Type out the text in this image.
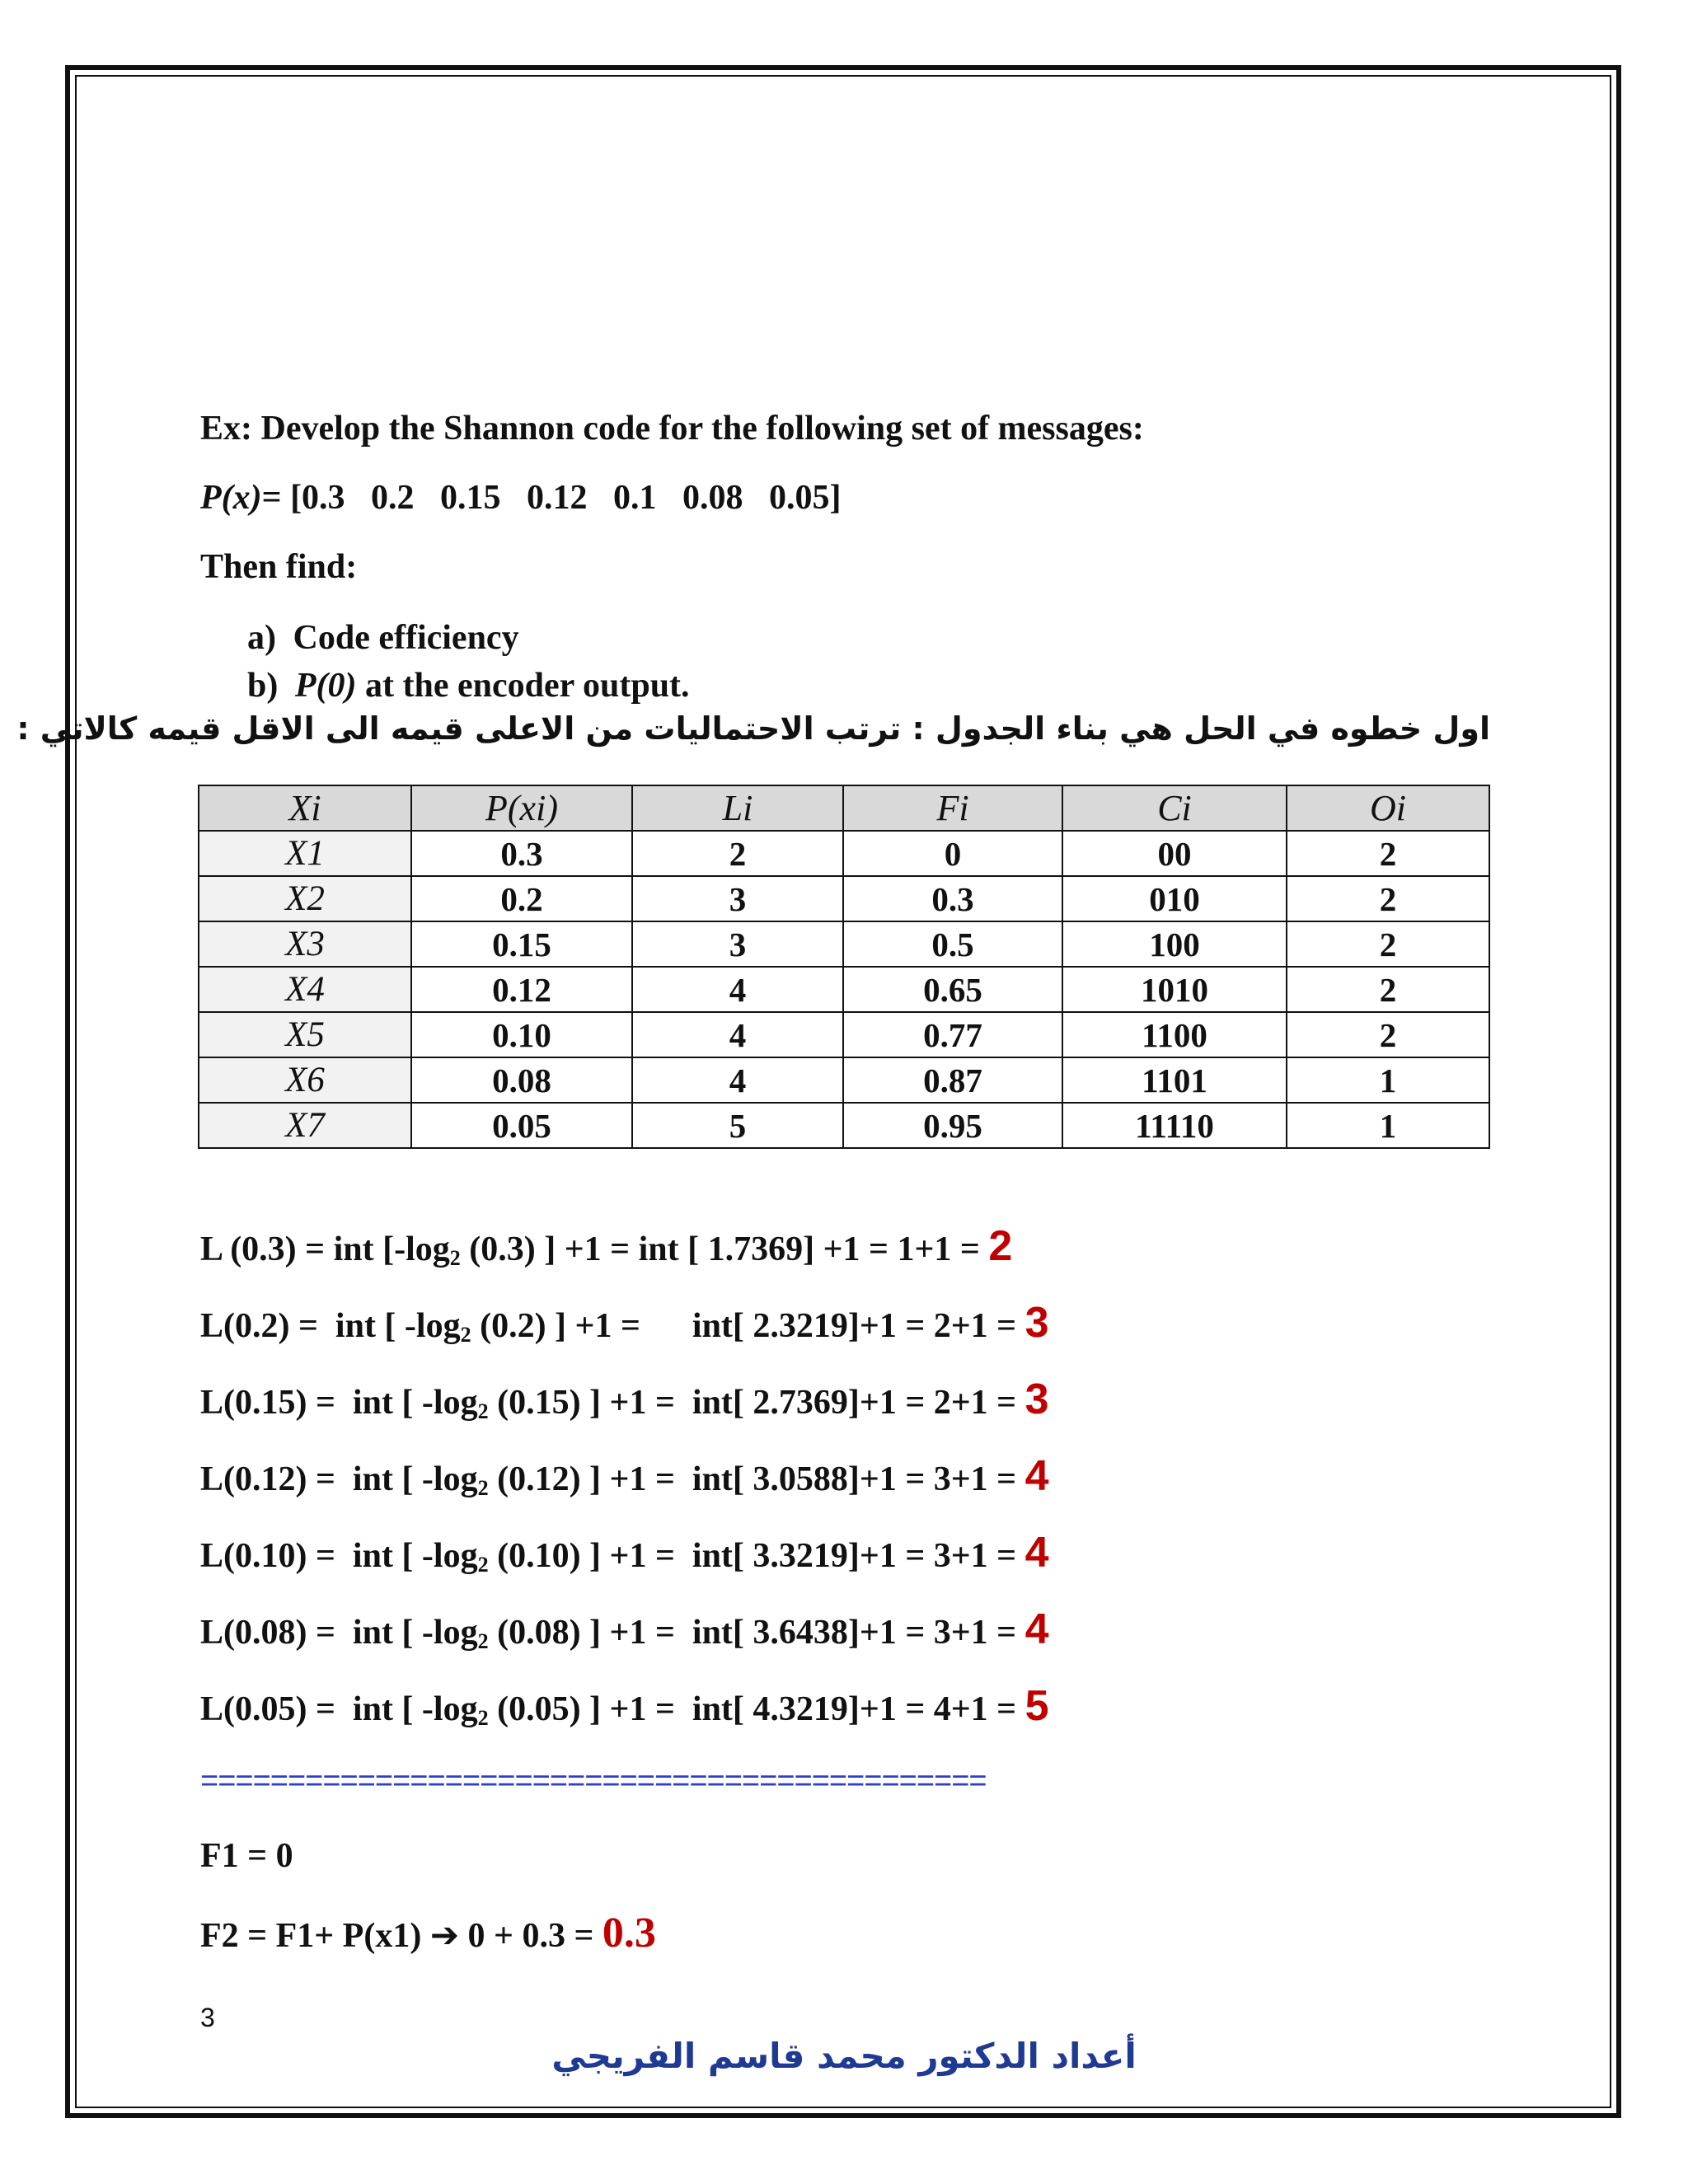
Ex: Develop the Shannon code for the following set of messages:
P(x)= [0.3   0.2   0.15   0.12   0.1   0.08   0.05]
Then find:
a) Code efficiency
b) P(0) at the encoder output.
اول خطوه في الحل هي بناء الجدول : ترتب الاحتماليات من الاعلى قيمه الى الاقل قيمه كالاتي :
Xi	P(xi)	Li	Fi	Ci	Oi
X1	0.3	2	0	00	2
X2	0.2	3	0.3	010	2
X3	0.15	3	0.5	100	2
X4	0.12	4	0.65	1010	2
X5	0.10	4	0.77	1100	2
X6	0.08	4	0.87	1101	1
X7	0.05	5	0.95	11110	1
L (0.3) = int [$-\log_2$ (0.3) ] +1 = int [ 1.7369] +1 = 1+1 = 2
L(0.2) =  int [ $-\log_2$ (0.2) ] +1 =      int[ 2.3219]+1 = 2+1 = 3
L(0.15) =  int [ $-\log_2$ (0.15) ] +1 =  int[ 2.7369]+1 = 2+1 = 3
L(0.12) =  int [ $-\log_2$ (0.12) ] +1 =  int[ 3.0588]+1 = 3+1 = 4
L(0.10) =  int [ $-\log_2$ (0.10) ] +1 =  int[ 3.3219]+1 = 3+1 = 4
L(0.08) =  int [ $-\log_2$ (0.08) ] +1 =  int[ 3.6438]+1 = 3+1 = 4
L(0.05) =  int [ $-\log_2$ (0.05) ] +1 =  int[ 4.3219]+1 = 4+1 = 5
=============================================
F1 = 0
F2 = F1+ P(x1) ➔ 0 + 0.3 = 0.3
3
أعداد الدكتور محمد قاسم الفريجي
